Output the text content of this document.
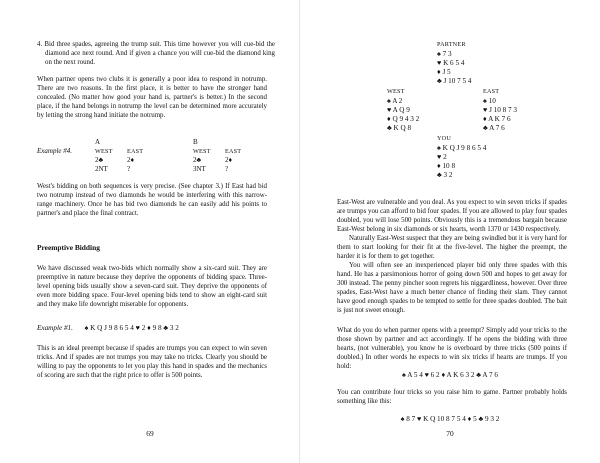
4. Bid three spades, agreeing the trump suit. This time however you will cue-bid the diamond ace next round. And if given a chance you will cue-bid the diamond king on the next round.

When partner opens two clubs it is generally a poor idea to respond in notrump. There are two reasons. In the first place, it is better to have the stronger hand concealed. (No matter how good your hand is, partner's is better.) In the second place, if the hand belongs in notrump the level can be determined more accurately by letting the strong hand initiate the notrump.

	A		B	
Example #4.	WEST	EAST	WEST	EAST
	2♣	2♦	2♣	2♦
	2NT	?	3NT	?

West's bidding on both sequences is very precise. (See chapter 3.) If East had bid two notrump instead of two diamonds he would be interfering with this narrow-range machinery. Once he has bid two diamonds he can easily add his points to partner's and place the final contract.

Preemptive Bidding

We have discussed weak two-bids which normally show a six-card suit. They are preemptive in nature because they deprive the opponents of bidding space. Three-level opening bids usually show a seven-card suit. They deprive the opponents of even more bidding space. Four-level opening bids tend to show an eight-card suit and they make life downright miserable for opponents.

Example #1. ♠ K Q J 9 8 6 5 4 ♥ 2 ♦ 9 8 ♣ 3 2

This is an ideal preempt because if spades are trumps you can expect to win seven tricks. And if spades are not trumps you may take no tricks. Clearly you should be willing to pay the opponents to let you play this hand in spades and the mechanics of scoring are such that the right price to offer is 500 points.

69
PARTNER
♠ 7 3
♥ K 6 5 4
♦ J 5
♣ J 10 7 5 4
WEST
♠ A 2
♥ A Q 9
♦ Q 9 4 3 2
♣ K Q 8
EAST
♠ 10
♥ J 10 8 7 3
♦ A K 7 6
♣ A 7 6
YOU
♠ K Q J 9 8 6 5 4
♥ 2
♦ 10 8
♣ 3 2

East-West are vulnerable and you deal. As you expect to win seven tricks if spades are trumps you can afford to bid four spades. If you are allowed to play four spades doubled, you will lose 500 points. Obviously this is a tremendous bargain because East-West belong in six diamonds or six hearts, worth 1370 or 1430 respectively.

Naturally East-West suspect that they are being swindled but it is very hard for them to start looking for their fit at the five-level. The higher the preempt, the harder it is for them to get together.

You will often see an inexperienced player bid only three spades with this hand. He has a parsimonious horror of going down 500 and hopes to get away for 300 instead. The penny pincher soon regrets his niggardliness, however. Over three spades, East-West have a much better chance of finding their slam. They cannot have good enough spades to be tempted to settle for three spades doubled. The bait is just not sweet enough.

What do you do when partner opens with a preempt? Simply add your tricks to the those shown by partner and act accordingly. If he opens the bidding with three hearts, (not vulnerable), you know he is overboard by three tricks (500 points if doubled.) In other words he expects to win six tricks if hearts are trumps. If you hold:

♠ A 5 4 ♥ 6 2 ♦ A K 6 3 2 ♣ A 7 6

You can contribute four tricks so you raise him to game. Partner probably holds something like this:

♠ 8 7 ♥ K Q 10 8 7 5 4 ♦ 5 ♣ 9 3 2
70
